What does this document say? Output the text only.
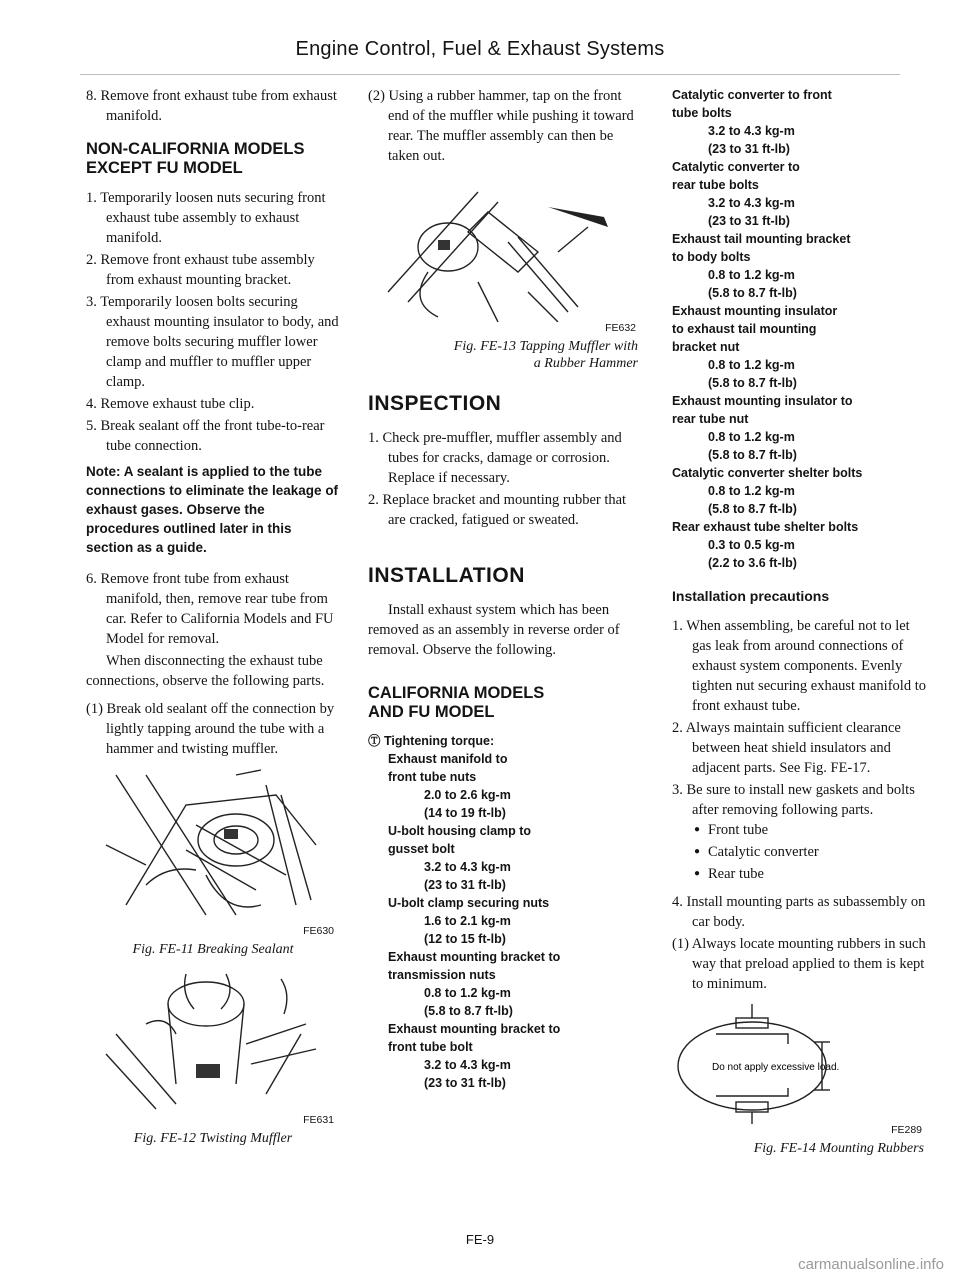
Engine Control, Fuel & Exhaust Systems

8. Remove front exhaust tube from exhaust manifold.

NON-CALIFORNIA MODELS
EXCEPT FU MODEL

1. Temporarily loosen nuts securing front exhaust tube assembly to exhaust manifold.

2. Remove front exhaust tube assembly from exhaust mounting bracket.

3. Temporarily loosen bolts securing exhaust mounting insulator to body, and remove bolts securing muffler lower clamp and muffler to muffler upper clamp.

4. Remove exhaust tube clip.

5. Break sealant off the front tube-to-rear tube connection.

Note: A sealant is applied to the tube connections to eliminate the leakage of exhaust gases. Observe the procedures outlined later in this section as a guide.

6. Remove front tube from exhaust manifold, then, remove rear tube from car. Refer to California Models and FU Model for removal.

When disconnecting the exhaust tube connections, observe the following parts.

(1) Break old sealant off the connection by lightly tapping around the tube with a hammer and twisting muffler.

FE630
Fig. FE-11 Breaking Sealant
FE631
Fig. FE-12 Twisting Muffler

(2) Using a rubber hammer, tap on the front end of the muffler while pushing it toward rear. The muffler assembly can then be taken out.

FE632
Fig. FE-13 Tapping Muffler with
a Rubber Hammer
INSPECTION

1. Check pre-muffler, muffler assembly and tubes for cracks, damage or corrosion. Replace if necessary.

2. Replace bracket and mounting rubber that are cracked, fatigued or sweated.

INSTALLATION

Install exhaust system which has been removed as an assembly in reverse order of removal. Observe the following.

CALIFORNIA MODELS
AND FU MODEL
Ⓣ Tightening torque:
Exhaust manifold to
front tube nuts
2.0 to 2.6 kg-m
(14 to 19 ft-lb)
U-bolt housing clamp to
gusset bolt
3.2 to 4.3 kg-m
(23 to 31 ft-lb)
U-bolt clamp securing nuts
1.6 to 2.1 kg-m
(12 to 15 ft-lb)
Exhaust mounting bracket to
transmission nuts
0.8 to 1.2 kg-m
(5.8 to 8.7 ft-lb)
Exhaust mounting bracket to
front tube bolt
3.2 to 4.3 kg-m
(23 to 31 ft-lb)
Catalytic converter to front
tube bolts
3.2 to 4.3 kg-m
(23 to 31 ft-lb)
Catalytic converter to
rear tube bolts
3.2 to 4.3 kg-m
(23 to 31 ft-lb)
Exhaust tail mounting bracket
to body bolts
0.8 to 1.2 kg-m
(5.8 to 8.7 ft-lb)
Exhaust mounting insulator
to exhaust tail mounting
bracket nut
0.8 to 1.2 kg-m
(5.8 to 8.7 ft-lb)
Exhaust mounting insulator to
rear tube nut
0.8 to 1.2 kg-m
(5.8 to 8.7 ft-lb)
Catalytic converter shelter bolts
0.8 to 1.2 kg-m
(5.8 to 8.7 ft-lb)
Rear exhaust tube shelter bolts
0.3 to 0.5 kg-m
(2.2 to 3.6 ft-lb)
Installation precautions

1. When assembling, be careful not to let gas leak from around connections of exhaust system components. Evenly tighten nut securing exhaust manifold to front exhaust tube.

2. Always maintain sufficient clearance between heat shield insulators and adjacent parts. See Fig. FE-17.

3. Be sure to install new gaskets and bolts after removing following parts.

● Front tube
● Catalytic converter
● Rear tube

4. Install mounting parts as subassembly on car body.

(1) Always locate mounting rubbers in such way that preload applied to them is kept to minimum.

Do not apply excessive load.
FE289
Fig. FE-14 Mounting Rubbers
FE-9
carmanualsonline.info
